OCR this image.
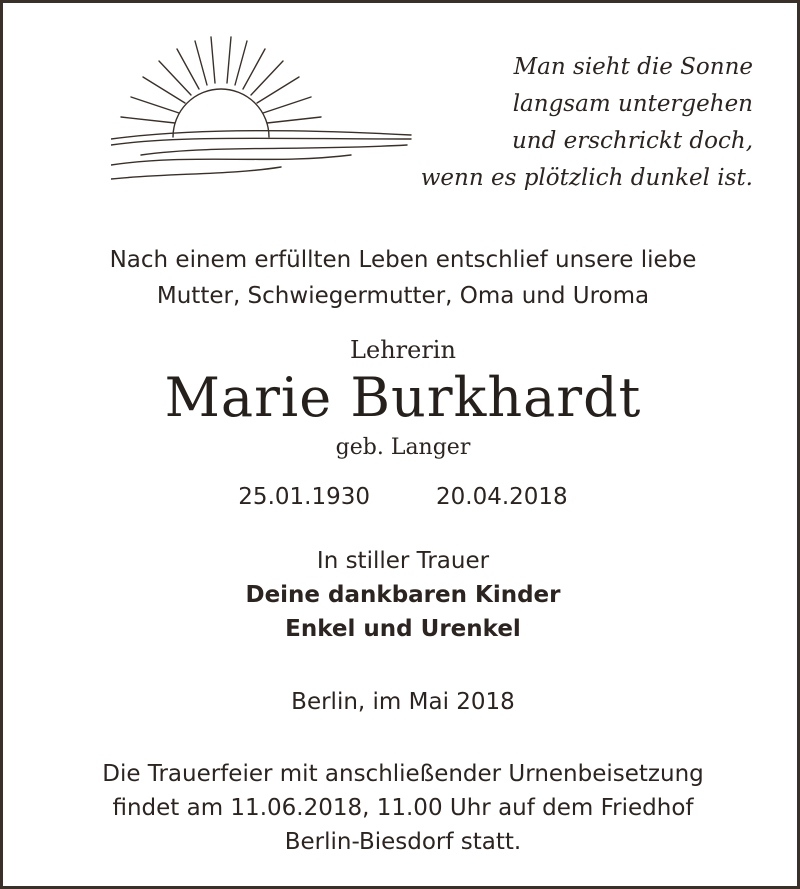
Man sieht die Sonne
langsam untergehen
und erschrickt doch,
wenn es plötzlich dunkel ist.
Nach einem erfüllten Leben entschlief unsere liebe
Mutter, Schwiegermutter, Oma und Uroma
Lehrerin
Marie Burkhardt
geb. Langer
25.01.1930	20.04.2018
In stiller Trauer
Deine dankbaren Kinder
Enkel und Urenkel
Berlin, im Mai 2018
Die Trauerfeier mit anschließender Urnenbeisetzung
findet am 11.06.2018, 11.00 Uhr auf dem Friedhof
Berlin-Biesdorf statt.
